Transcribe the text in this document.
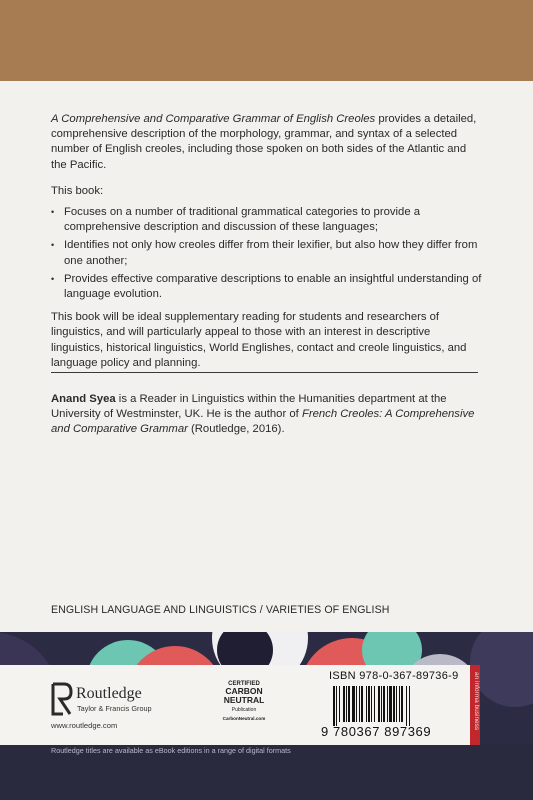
A Comprehensive and Comparative Grammar of English Creoles provides a detailed, comprehensive description of the morphology, grammar, and syntax of a selected number of English creoles, including those spoken on both sides of the Atlantic and the Pacific.

This book:

• Focuses on a number of traditional grammatical categories to provide a comprehensive description and discussion of these languages;
• Identifies not only how creoles differ from their lexifier, but also how they differ from one another;
• Provides effective comparative descriptions to enable an insightful understanding of language evolution.

This book will be ideal supplementary reading for students and researchers of linguistics, and will particularly appeal to those with an interest in descriptive linguistics, historical linguistics, World Englishes, contact and creole linguistics, and language policy and planning.

Anand Syea is a Reader in Linguistics within the Humanities department at the University of Westminster, UK. He is the author of French Creoles: A Comprehensive and Comparative Grammar (Routledge, 2016).

ENGLISH LANGUAGE AND LINGUISTICS / VARIETIES OF ENGLISH

Routledge titles are available as eBook editions in a range of digital formats

Routledge
Taylor & Francis Group
www.routledge.com
CERTIFIED
CARBON
NEUTRAL
Publication
CarbonNeutral.com
ISBN 978-0-367-89736-9
9 780367 897369
an informa business
